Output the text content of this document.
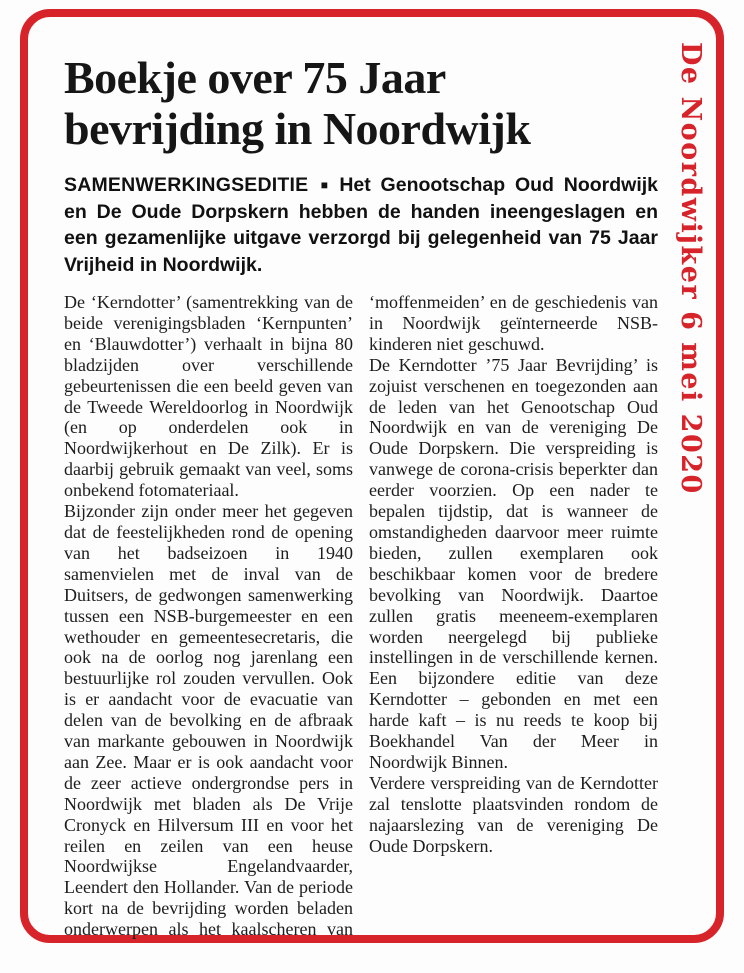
De Noordwijker 6 mei 2020
Boekje over 75 Jaar bevrijding in Noordwijk

SAMENWERKINGSEDITIE ■ Het Genootschap Oud Noordwijk en De Oude Dorpskern hebben de handen ineengeslagen en een gezamenlijke uitgave verzorgd bij gelegenheid van 75 Jaar Vrijheid in Noordwijk.

De ‘Kerndotter’ (samentrekking van de beide verenigingsbladen ‘Kernpunten’ en ‘Blauwdotter’) verhaalt in bijna 80 bladzijden over verschillende gebeurtenissen die een beeld geven van de Tweede Wereldoorlog in Noordwijk (en op onderdelen ook in Noordwijkerhout en De Zilk). Er is daarbij gebruik gemaakt van veel, soms onbekend fotomateriaal.

Bijzonder zijn onder meer het gegeven dat de feestelijkheden rond de opening van het badseizoen in 1940 samenvielen met de inval van de Duitsers, de gedwongen samenwerking tussen een NSB-burgemeester en een wethouder en gemeentesecretaris, die ook na de oorlog nog jarenlang een bestuurlijke rol zouden vervullen. Ook is er aandacht voor de evacuatie van delen van de bevolking en de afbraak van markante gebouwen in Noordwijk aan Zee. Maar er is ook aandacht voor de zeer actieve ondergrondse pers in Noordwijk met bladen als De Vrije Cronyck en Hilversum III en voor het reilen en zeilen van een heuse Noordwijkse Engelandvaarder, Leendert den Hollander. Van de periode kort na de bevrijding worden beladen onderwerpen als het kaalscheren van ‘moffenmeiden’ en de geschiedenis van in Noordwijk geïnterneerde NSB-kinderen niet geschuwd.

De Kerndotter ’75 Jaar Bevrijding’ is zojuist verschenen en toegezonden aan de leden van het Genootschap Oud Noordwijk en van de vereniging De Oude Dorpskern. Die verspreiding is vanwege de corona-crisis beperkter dan eerder voorzien. Op een nader te bepalen tijdstip, dat is wanneer de omstandigheden daarvoor meer ruimte bieden, zullen exemplaren ook beschikbaar komen voor de bredere bevolking van Noordwijk. Daartoe zullen gratis meeneem-exemplaren worden neergelegd bij publieke instellingen in de verschillende kernen. Een bijzondere editie van deze Kerndotter – gebonden en met een harde kaft – is nu reeds te koop bij Boekhandel Van der Meer in Noordwijk Binnen.

Verdere verspreiding van de Kerndotter zal tenslotte plaatsvinden rondom de najaarslezing van de vereniging De Oude Dorpskern.
